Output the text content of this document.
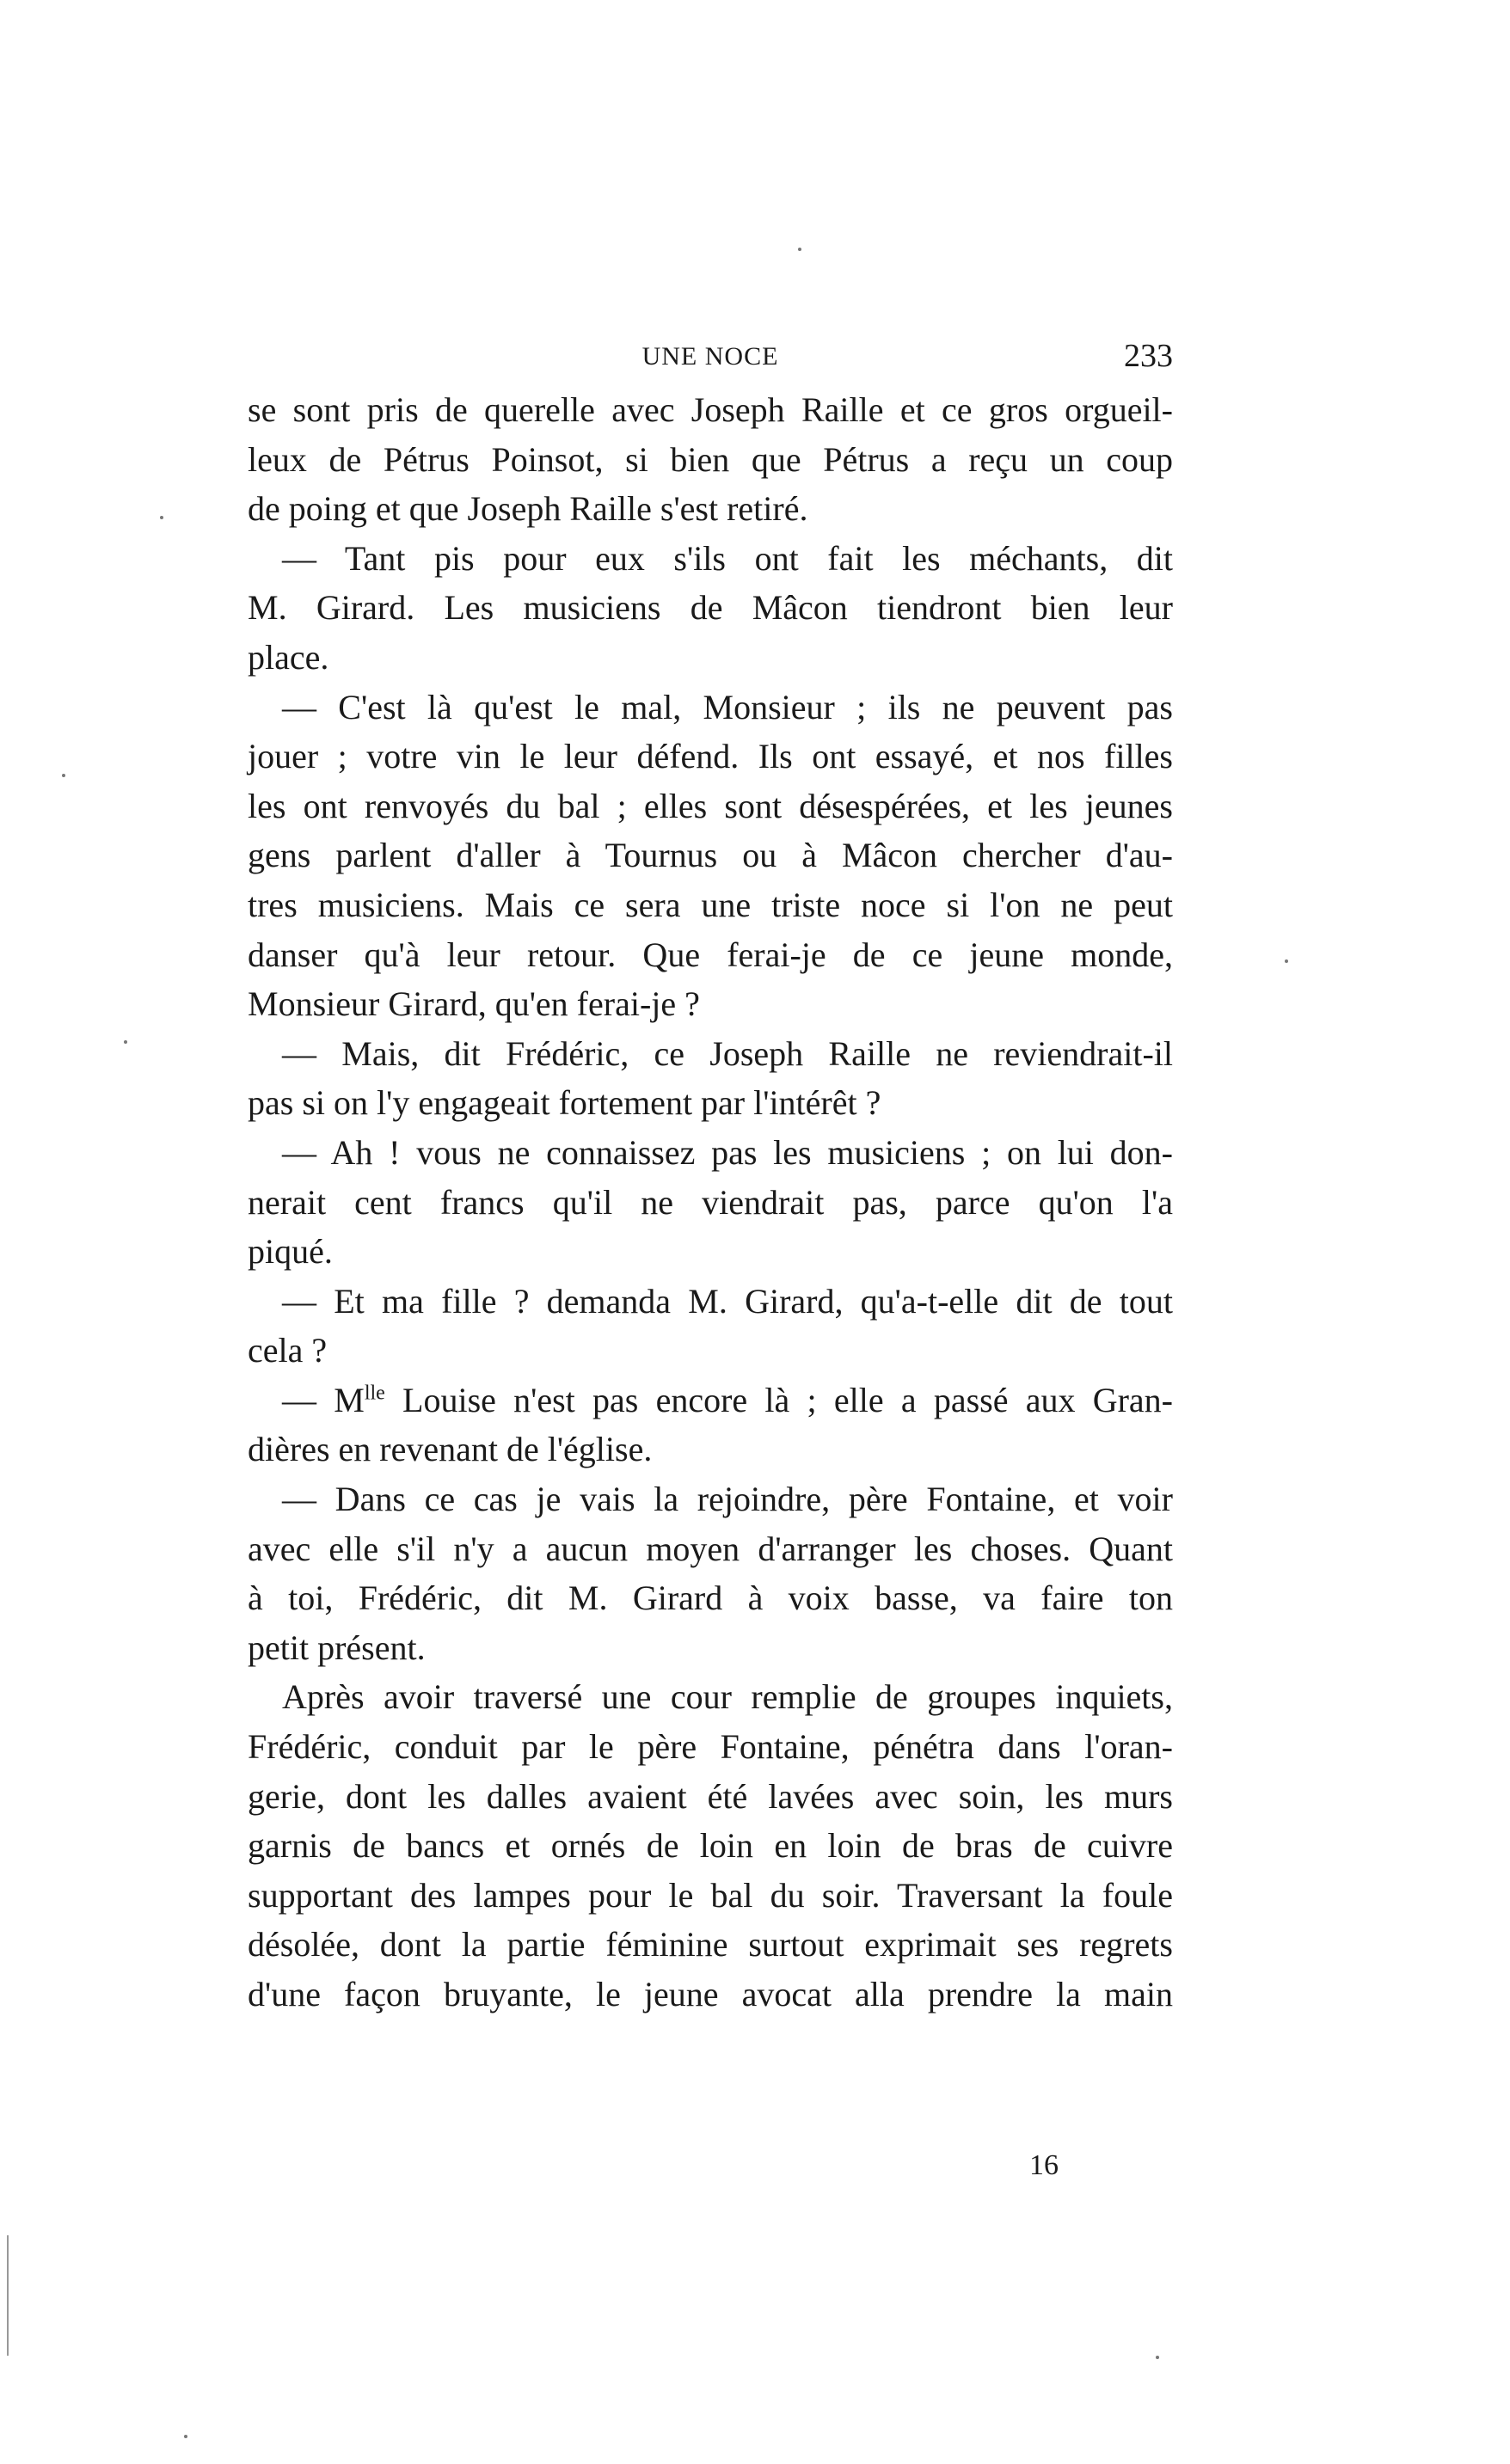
UNE NOCE	233
se sont pris de querelle avec Joseph Raille et ce gros orgueil-
leux de Pétrus Poinsot, si bien que Pétrus a reçu un coup
de poing et que Joseph Raille s'est retiré.
— Tant pis pour eux s'ils ont fait les méchants, dit
M. Girard. Les musiciens de Mâcon tiendront bien leur
place.
— C'est là qu'est le mal, Monsieur ; ils ne peuvent pas
jouer ; votre vin le leur défend. Ils ont essayé, et nos filles
les ont renvoyés du bal ; elles sont désespérées, et les jeunes
gens parlent d'aller à Tournus ou à Mâcon chercher d'au-
tres musiciens. Mais ce sera une triste noce si l'on ne peut
danser qu'à leur retour. Que ferai-je de ce jeune monde,
Monsieur Girard, qu'en ferai-je ?
— Mais, dit Frédéric, ce Joseph Raille ne reviendrait-il
pas si on l'y engageait fortement par l'intérêt ?
— Ah ! vous ne connaissez pas les musiciens ; on lui don-
nerait cent francs qu'il ne viendrait pas, parce qu'on l'a
piqué.
— Et ma fille ? demanda M. Girard, qu'a-t-elle dit de tout
cela ?
— $M^{lle}$ Louise n'est pas encore là ; elle a passé aux Gran-
dières en revenant de l'église.
— Dans ce cas je vais la rejoindre, père Fontaine, et voir
avec elle s'il n'y a aucun moyen d'arranger les choses. Quant
à toi, Frédéric, dit M. Girard à voix basse, va faire ton
petit présent.
Après avoir traversé une cour remplie de groupes inquiets,
Frédéric, conduit par le père Fontaine, pénétra dans l'oran-
gerie, dont les dalles avaient été lavées avec soin, les murs
garnis de bancs et ornés de loin en loin de bras de cuivre
supportant des lampes pour le bal du soir. Traversant la foule
désolée, dont la partie féminine surtout exprimait ses regrets
d'une façon bruyante, le jeune avocat alla prendre la main
16
